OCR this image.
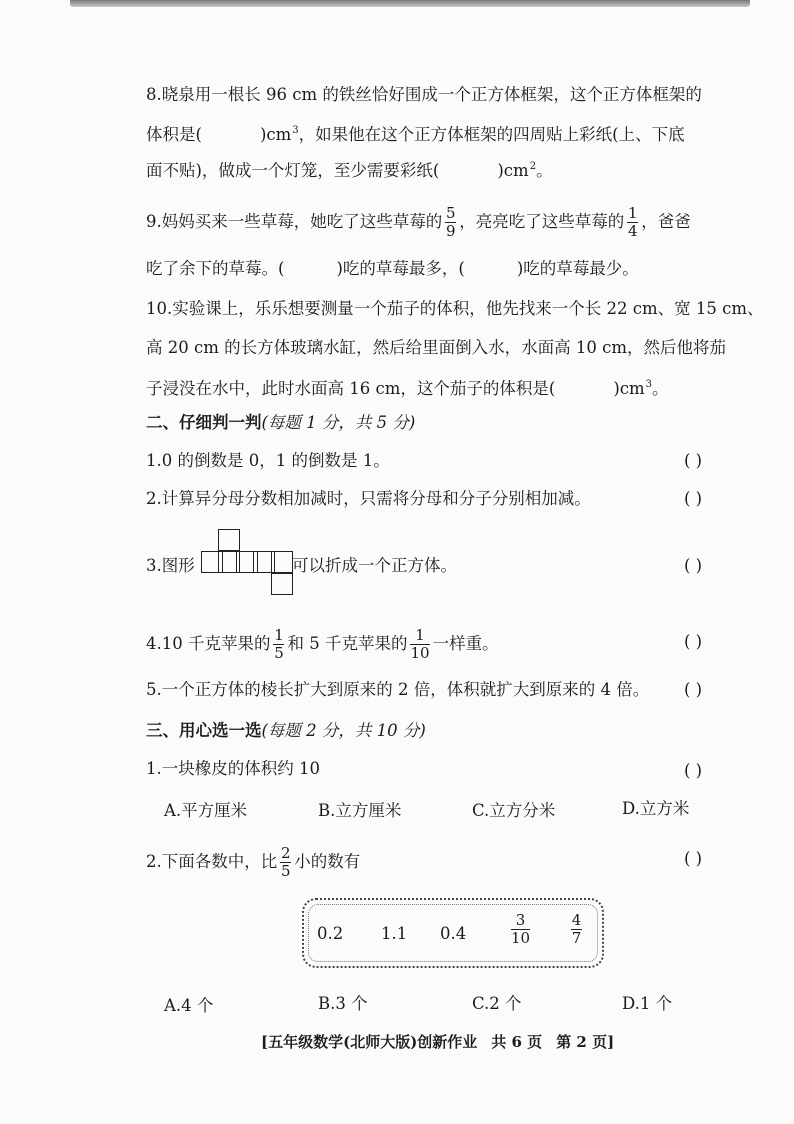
8.晓泉用一根长 96 cm 的铁丝恰好围成一个正方体框架，这个正方体框架的
体积是(	)$cm^3$，如果他在这个正方体框架的四周贴上彩纸(上、下底
面不贴)，做成一个灯笼，至少需要彩纸(	)$cm^2$。
9.妈妈买来一些草莓，她吃了这些草莓的 $\frac{5}{9}$ ，亮亮吃了这些草莓的 $\frac{1}{4}$ ，爸爸
吃了余下的草莓。(	)吃的草莓最多，(	)吃的草莓最少。
10.实验课上，乐乐想要测量一个茄子的体积，他先找来一个长 22 cm、宽 15 cm、
高 20 cm 的长方体玻璃水缸，然后给里面倒入水，水面高 10 cm，然后他将茄
子浸没在水中，此时水面高 16 cm，这个茄子的体积是(	)$cm^3$。
二、仔细判一判(每题 1 分，共 5 分)
1.0 的倒数是 0，1 的倒数是 1。	( )
2.计算异分母分数相加减时，只需将分母和分子分别相加减。	( )
3.图形	可以折成一个正方体。	( )
4.10 千克苹果的 $\frac{1}{5}$ 和 5 千克苹果的 $\frac{1}{10}$ 一样重。	( )
5.一个正方体的棱长扩大到原来的 2 倍，体积就扩大到原来的 4 倍。 ( )
三、用心选一选(每题 2 分，共 10 分)
1.一块橡皮的体积约 10	( )
A.平方厘米	B.立方厘米	C.立方分米	D.立方米
2.下面各数中，比 $\frac{2}{5}$ 小的数有	( )
0.2 1.1 0.4	$\frac{3}{10}$	$\frac{4}{7}$
A.4 个	B.3 个	C.2 个	D.1 个
[五年级数学(北师大版)创新作业 共 6 页 第 2 页]
